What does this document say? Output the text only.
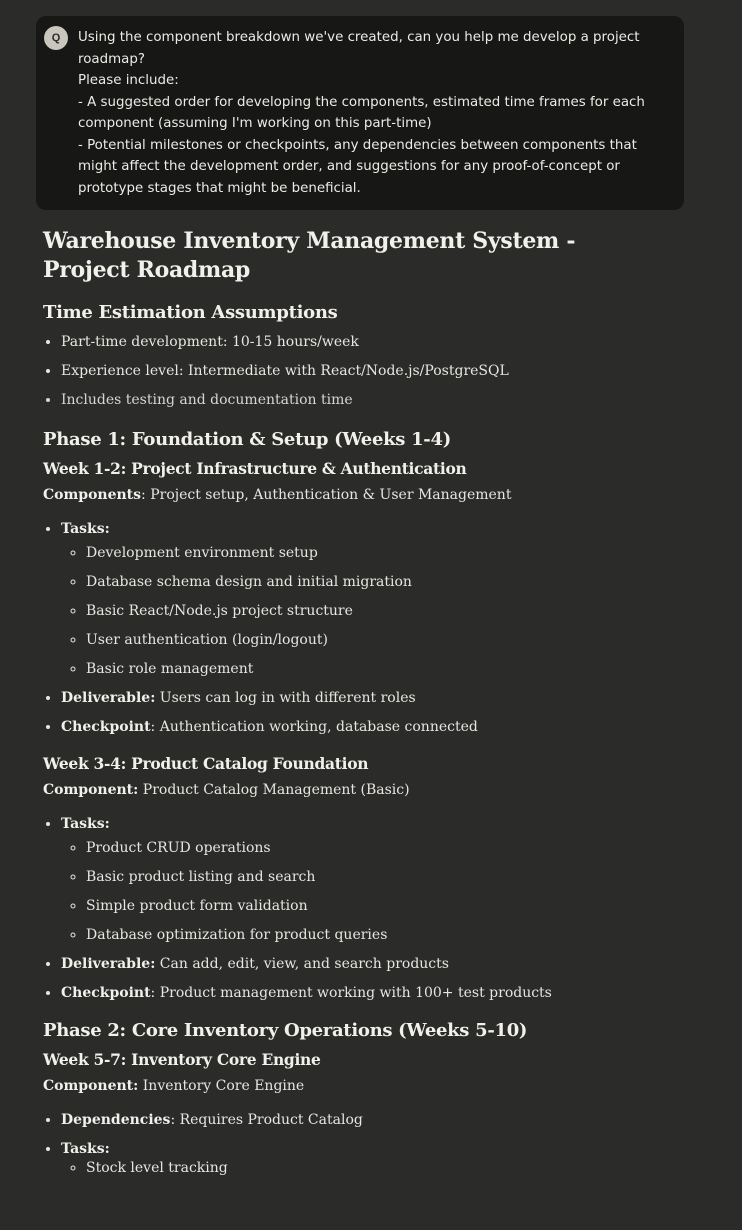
Q	Using the component breakdown we've created, can you help me develop a project roadmap?
Please include:
- A suggested order for developing the components, estimated time frames for each component (assuming I'm working on this part-time)
- Potential milestones or checkpoints, any dependencies between components that might affect the development order, and suggestions for any proof-of-concept or prototype stages that might be beneficial.
Warehouse Inventory Management System - Project Roadmap
Time Estimation Assumptions
• Part-time development: 10-15 hours/week
• Experience level: Intermediate with React/Node.js/PostgreSQL
• Includes testing and documentation time
Phase 1: Foundation & Setup (Weeks 1-4)
Week 1-2: Project Infrastructure & Authentication

Components: Project setup, Authentication & User Management

• Tasks:
◦ Development environment setup
◦ Database schema design and initial migration
◦ Basic React/Node.js project structure
◦ User authentication (login/logout)
◦ Basic role management
• Deliverable: Users can log in with different roles
• Checkpoint: Authentication working, database connected
Week 3-4: Product Catalog Foundation

Component: Product Catalog Management (Basic)

• Tasks:
◦ Product CRUD operations
◦ Basic product listing and search
◦ Simple product form validation
◦ Database optimization for product queries
• Deliverable: Can add, edit, view, and search products
• Checkpoint: Product management working with 100+ test products
Phase 2: Core Inventory Operations (Weeks 5-10)
Week 5-7: Inventory Core Engine

Component: Inventory Core Engine

• Dependencies: Requires Product Catalog
• Tasks:
◦ Stock level tracking
